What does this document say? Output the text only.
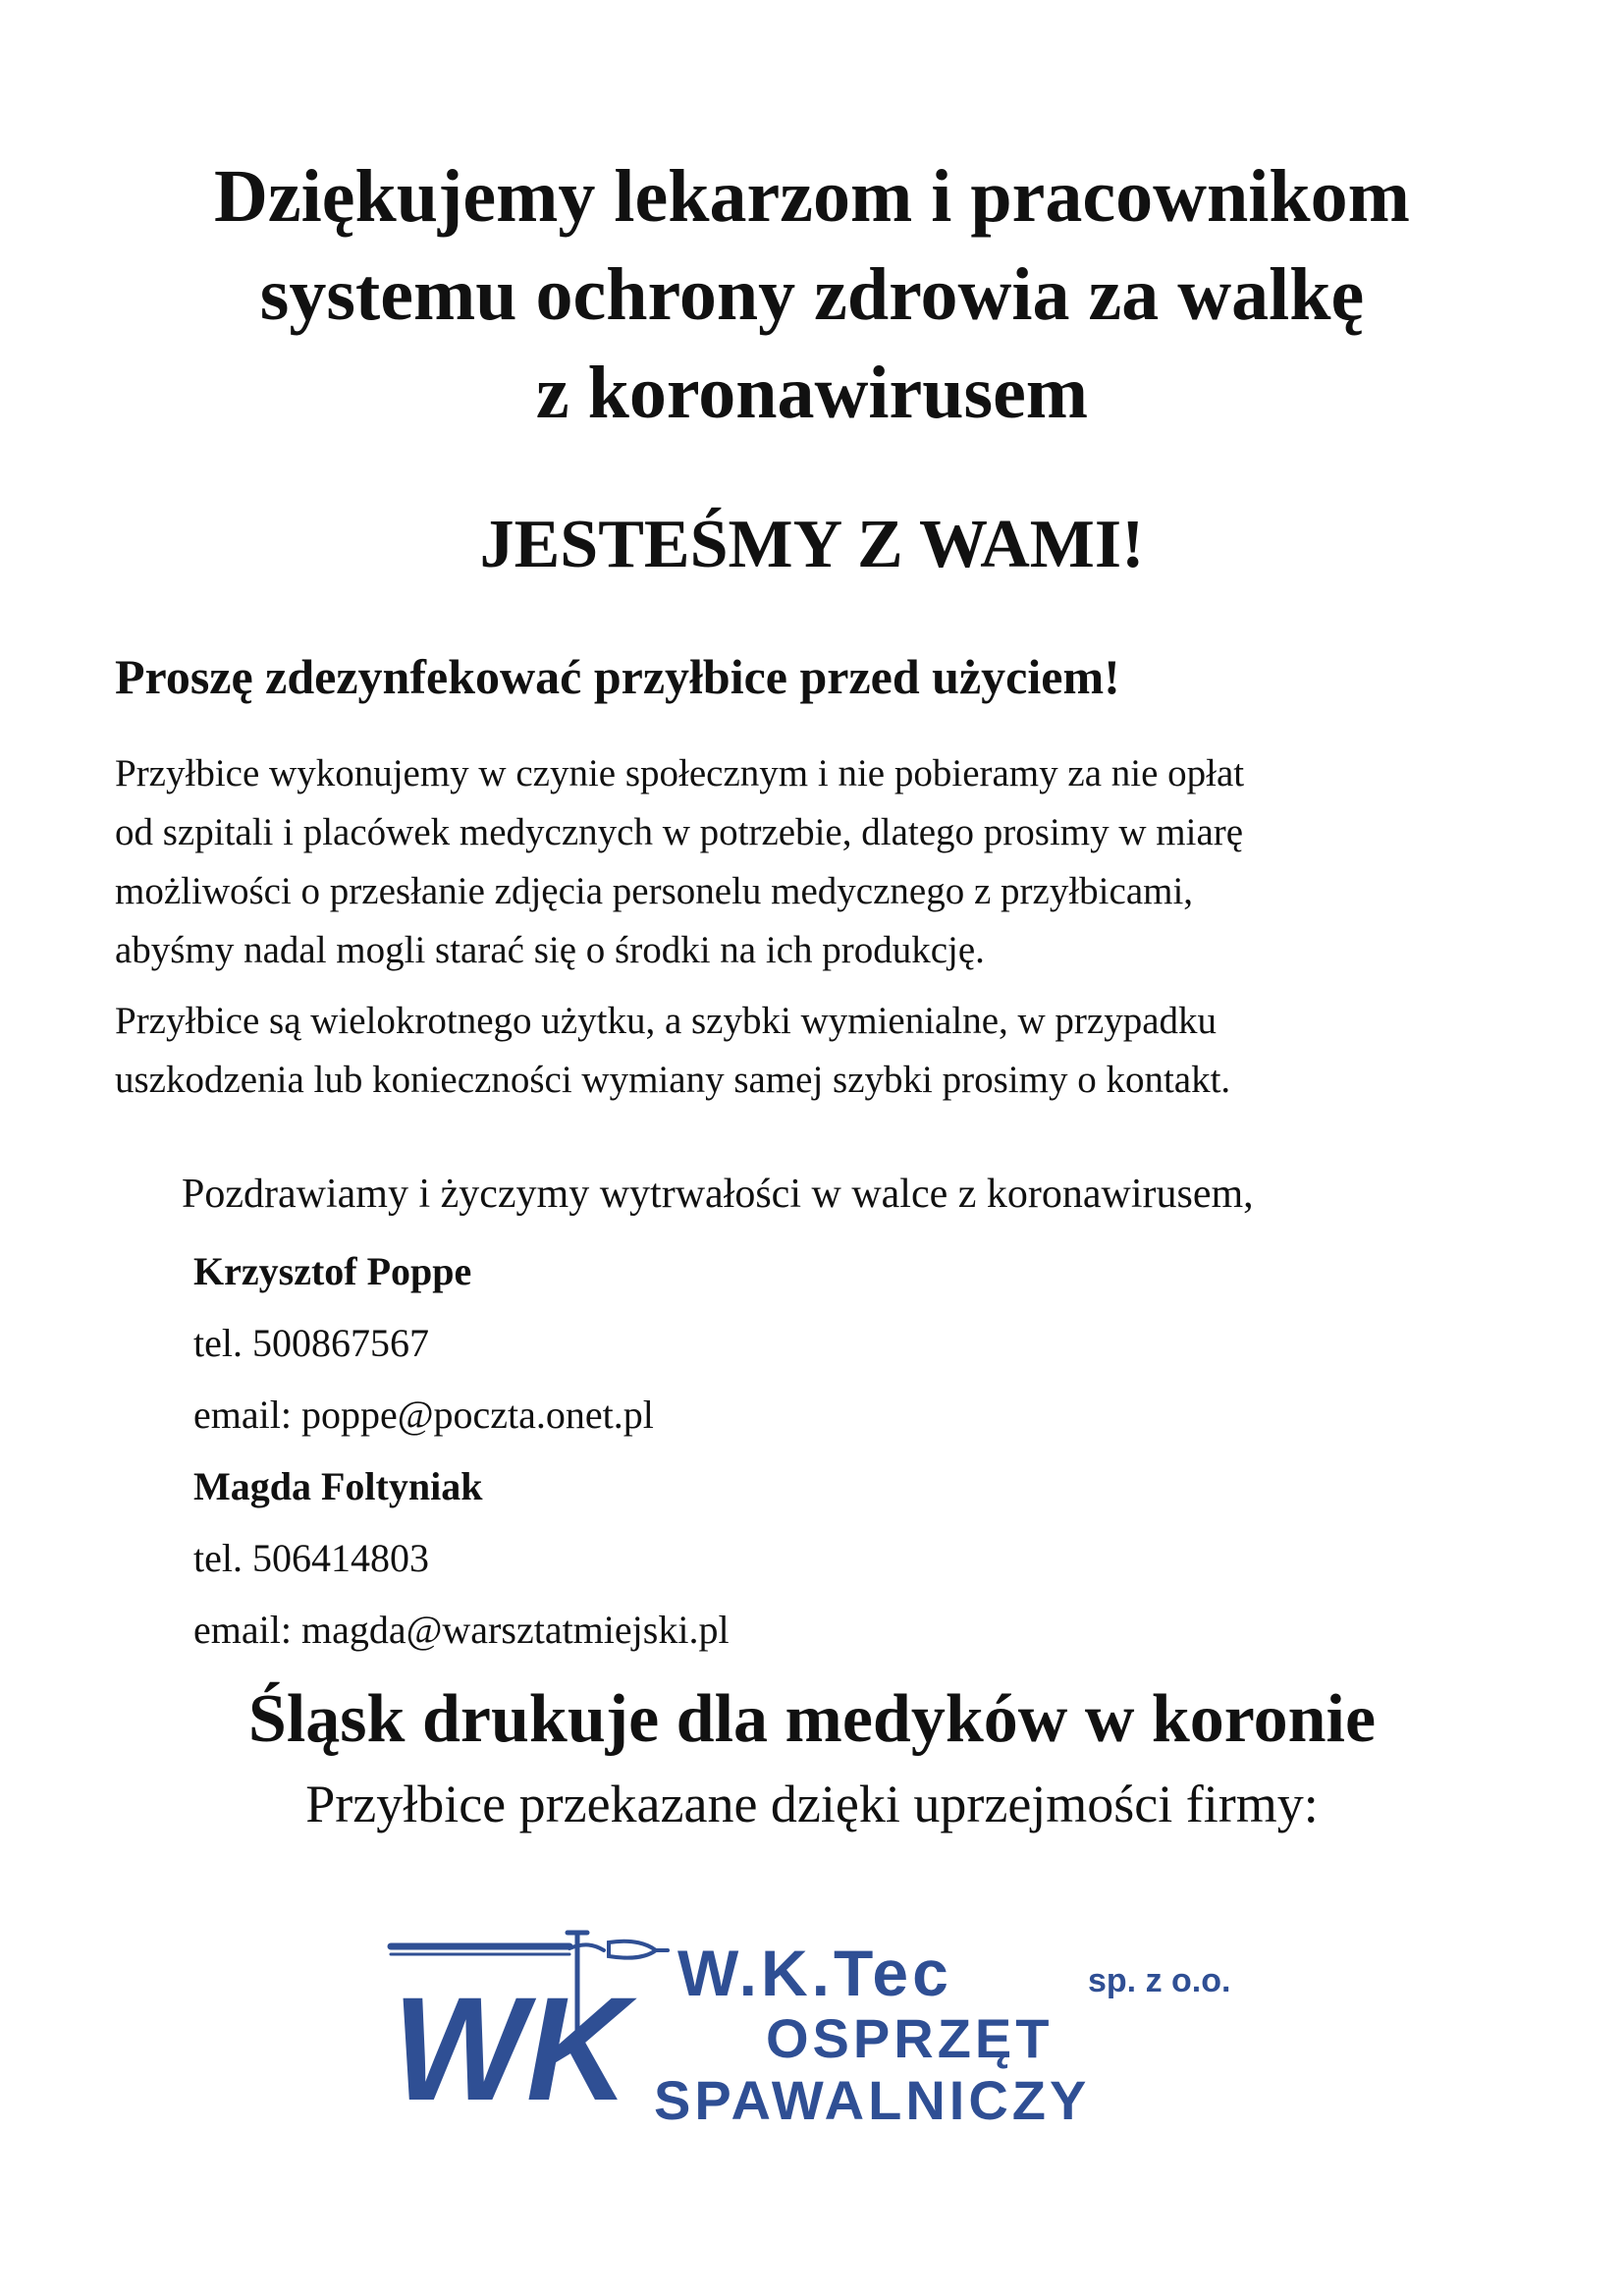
Dziękujemy lekarzom i pracownikom
systemu ochrony zdrowia za walkę
z koronawirusem
JESTEŚMY Z WAMI!
Proszę zdezynfekować przyłbice przed użyciem!

Przyłbice wykonujemy w czynie społecznym i nie pobieramy za nie opłat
od szpitali i placówek medycznych w potrzebie, dlatego prosimy w miarę
możliwości o przesłanie zdjęcia personelu medycznego z przyłbicami,
abyśmy nadal mogli starać się o środki na ich produkcję.

Przyłbice są wielokrotnego użytku, a szybki wymienialne, w przypadku
uszkodzenia lub konieczności wymiany samej szybki prosimy o kontakt.

Pozdrawiamy i życzymy wytrwałości w walce z koronawirusem,

Krzysztof Poppe
tel. 500867567
email: poppe@poczta.onet.pl
Magda Foltyniak
tel. 506414803
email: magda@warsztatmiejski.pl
Śląsk drukuje dla medyków w koronie

Przyłbice przekazane dzięki uprzejmości firmy:

WK W.K.Tec	sp. z o.o.
OSPRZĘT
SPAWALNICZY
